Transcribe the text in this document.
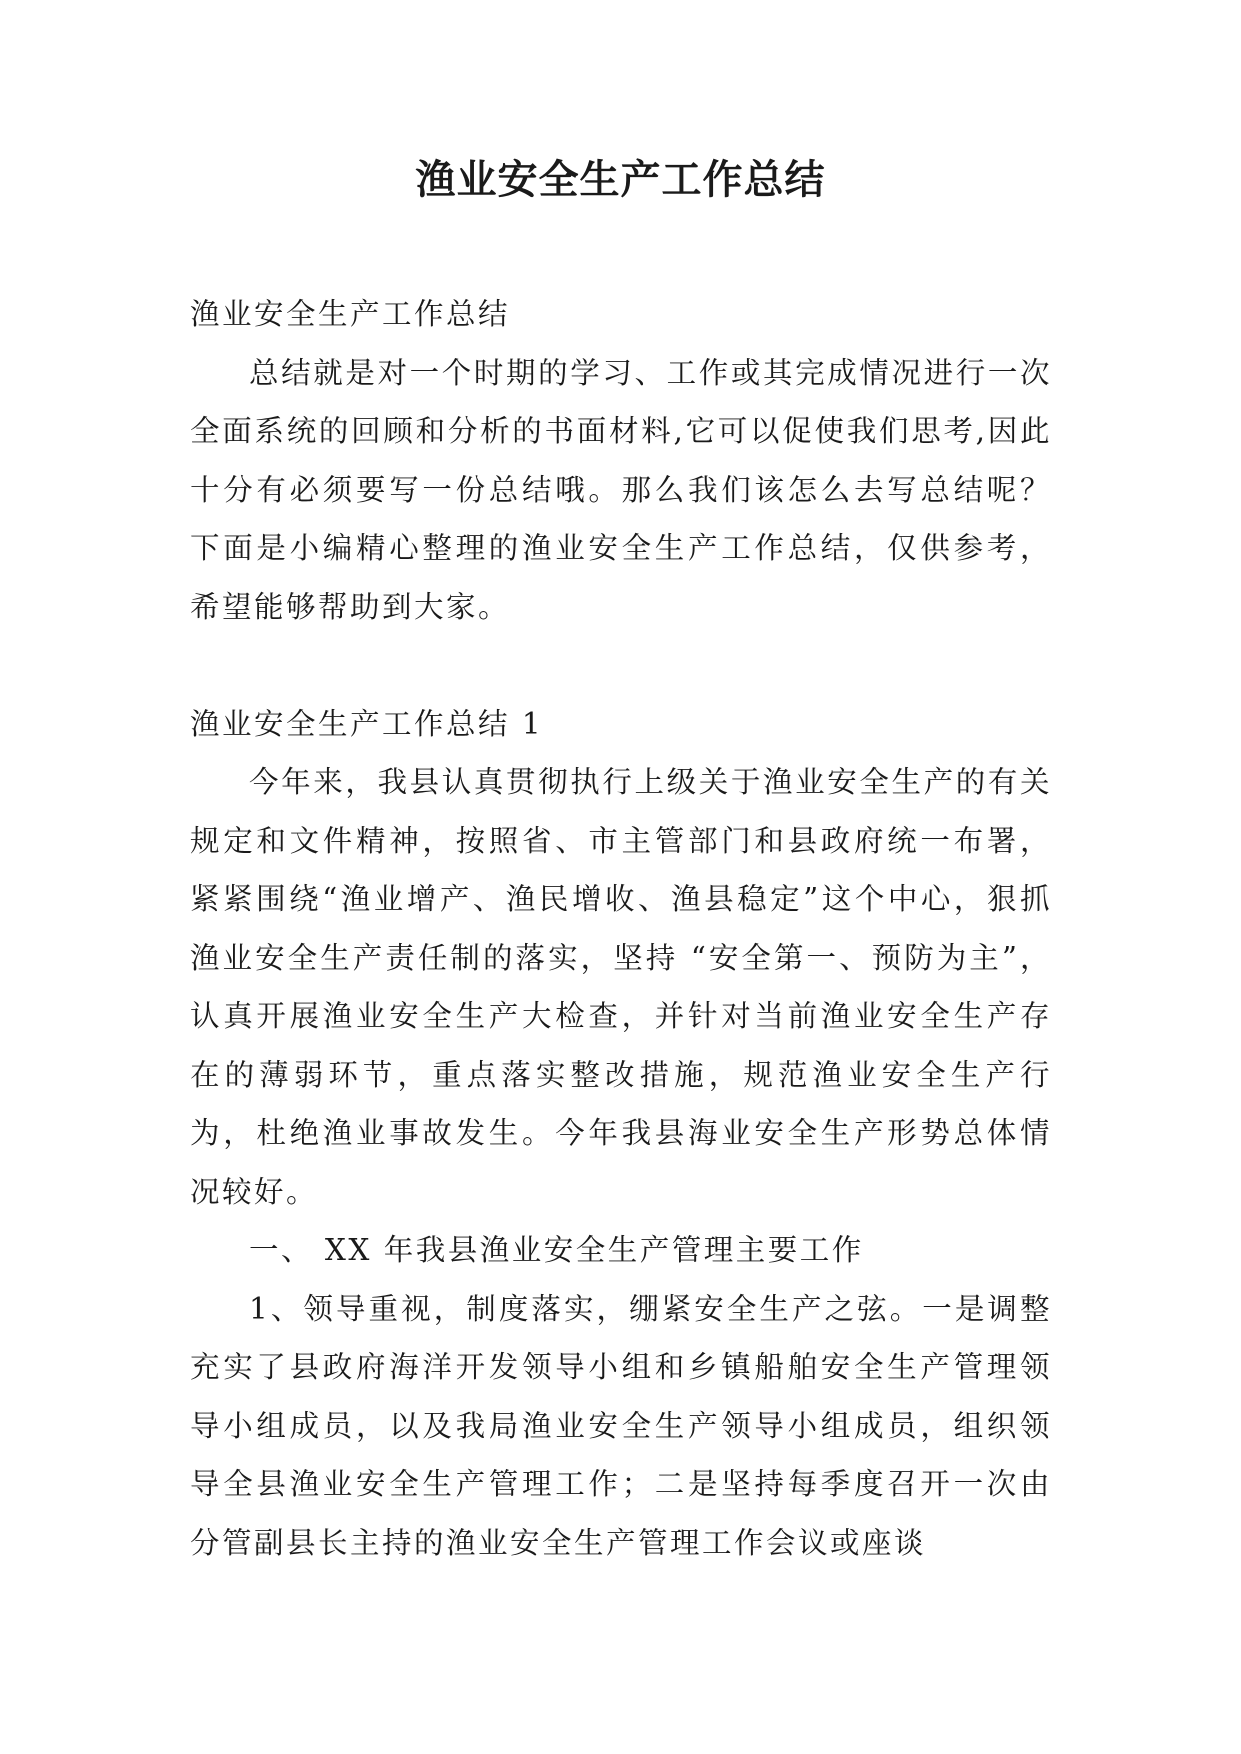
渔业安全生产工作总结

渔业安全生产工作总结

总结就是对一个时期的学习、工作或其完成情况进行一次全面系统的回顾和分析的书面材料,它可以促使我们思考,因此十分有必须要写一份总结哦。那么我们该怎么去写总结呢？下面是小编精心整理的渔业安全生产工作总结，仅供参考，希望能够帮助到大家。

渔业安全生产工作总结 1

今年来，我县认真贯彻执行上级关于渔业安全生产的有关规定和文件精神，按照省、市主管部门和县政府统一布署，紧紧围绕“渔业增产、渔民增收、渔县稳定”这个中心，狠抓渔业安全生产责任制的落实，坚持 “安全第一、预防为主”，认真开展渔业安全生产大检查，并针对当前渔业安全生产存在的薄弱环节，重点落实整改措施，规范渔业安全生产行为，杜绝渔业事故发生。今年我县海业安全生产形势总体情况较好。

一、 XX 年我县渔业安全生产管理主要工作

1、领导重视，制度落实，绷紧安全生产之弦。一是调整充实了县政府海洋开发领导小组和乡镇船舶安全生产管理领导小组成员，以及我局渔业安全生产领导小组成员，组织领导全县渔业安全生产管理工作；二是坚持每季度召开一次由分管副县长主持的渔业安全生产管理工作会议或座谈
